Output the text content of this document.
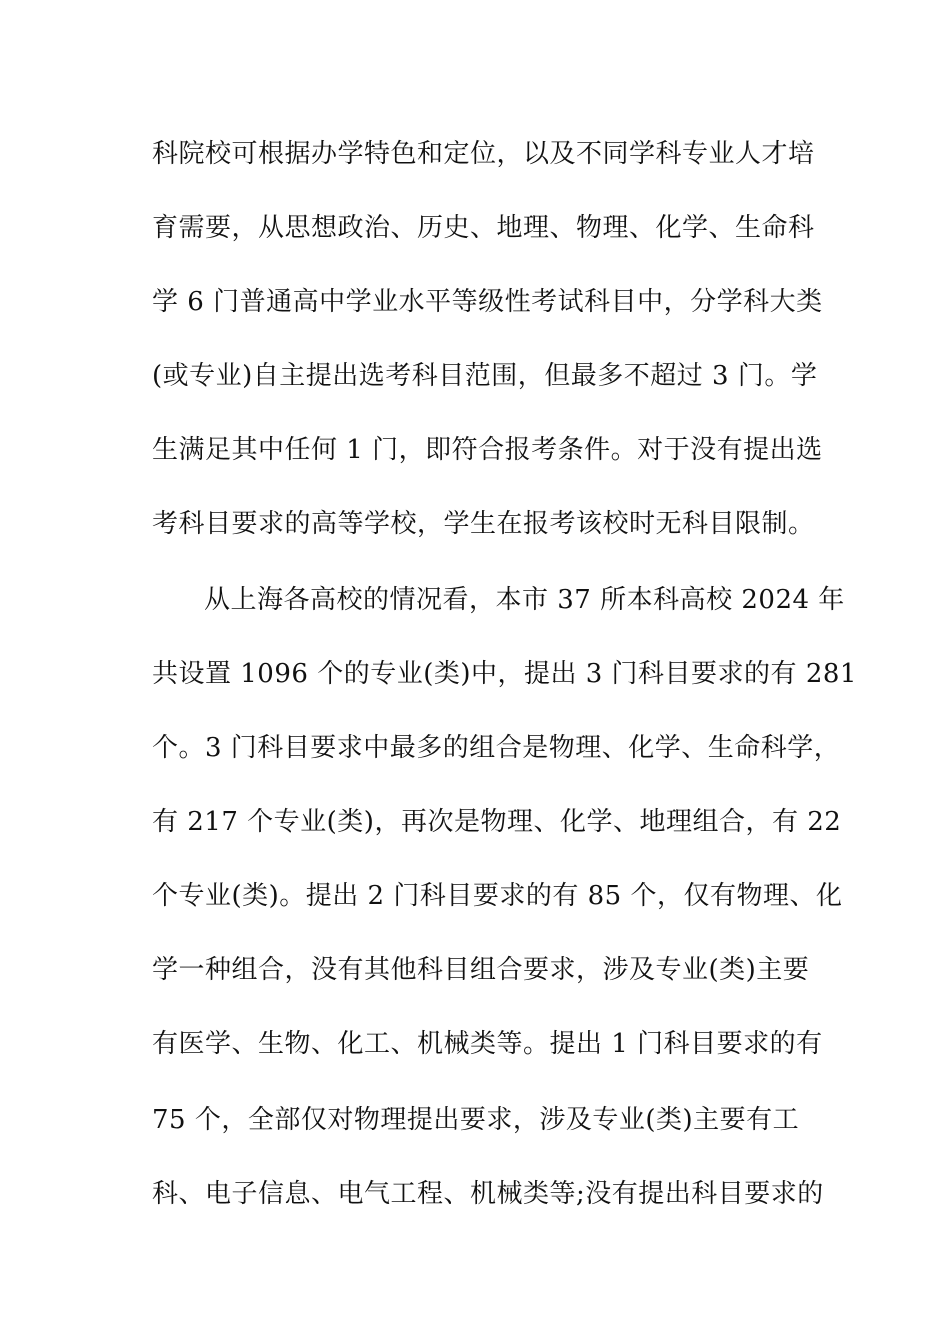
科院校可根据办学特色和定位，以及不同学科专业人才培
育需要，从思想政治、历史、地理、物理、化学、生命科
学 6 门普通高中学业水平等级性考试科目中，分学科大类
(或专业)自主提出选考科目范围，但最多不超过 3 门。学
生满足其中任何 1 门，即符合报考条件。对于没有提出选
考科目要求的高等学校，学生在报考该校时无科目限制。
从上海各高校的情况看，本市 37 所本科高校 2024 年
共设置 1096 个的专业(类)中，提出 3 门科目要求的有 281
个。3 门科目要求中最多的组合是物理、化学、生命科学，
有 217 个专业(类)，再次是物理、化学、地理组合，有 22
个专业(类)。提出 2 门科目要求的有 85 个，仅有物理、化
学一种组合，没有其他科目组合要求，涉及专业(类)主要
有医学、生物、化工、机械类等。提出 1 门科目要求的有
75 个，全部仅对物理提出要求，涉及专业(类)主要有工
科、电子信息、电气工程、机械类等;没有提出科目要求的
